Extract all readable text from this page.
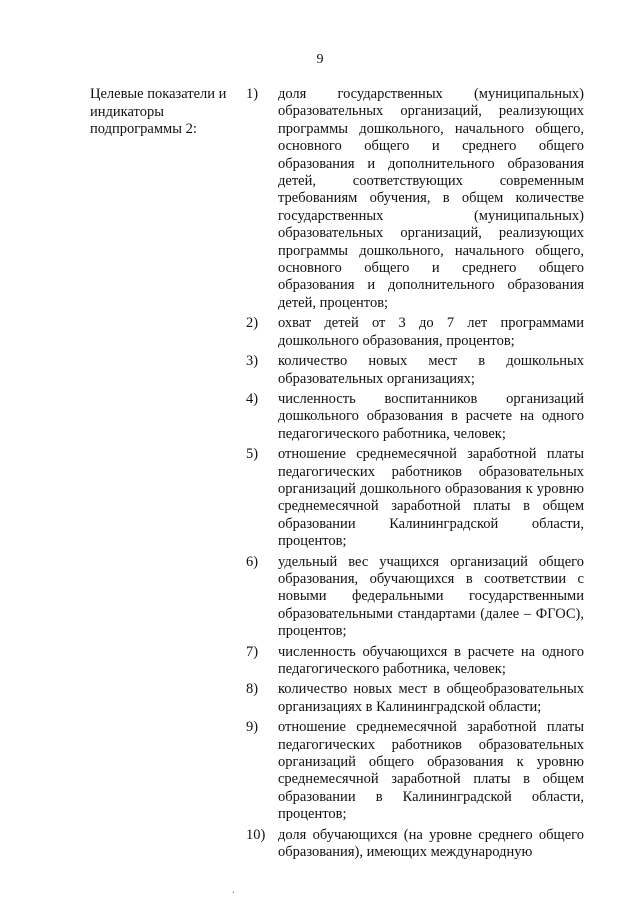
9
Целевые показатели и индикаторы подпрограммы 2:
1) доля государственных (муниципальных) образовательных организаций, реализующих программы дошкольного, начального общего, основного общего и среднего общего образования и дополнительного образования детей, соответствующих современным требованиям обучения, в общем количестве государственных (муниципальных) образовательных организаций, реализующих программы дошкольного, начального общего, основного общего и среднего общего образования и дополнительного образования детей, процентов;
2) охват детей от 3 до 7 лет программами дошкольного образования, процентов;
3) количество новых мест в дошкольных образовательных организациях;
4) численность воспитанников организаций дошкольного образования в расчете на одного педагогического работника, человек;
5) отношение среднемесячной заработной платы педагогических работников образовательных организаций дошкольного образования к уровню среднемесячной заработной платы в общем образовании Калининградской области, процентов;
6) удельный вес учащихся организаций общего образования, обучающихся в соответствии с новыми федеральными государственными образовательными стандартами (далее – ФГОС), процентов;
7) численность обучающихся в расчете на одного педагогического работника, человек;
8) количество новых мест в общеобразовательных организациях в Калининградской области;
9) отношение среднемесячной заработной платы педагогических работников образовательных организаций общего образования к уровню среднемесячной заработной платы в общем образовании в Калининградской области, процентов;
10) доля обучающихся (на уровне среднего общего образования), имеющих международную
.
